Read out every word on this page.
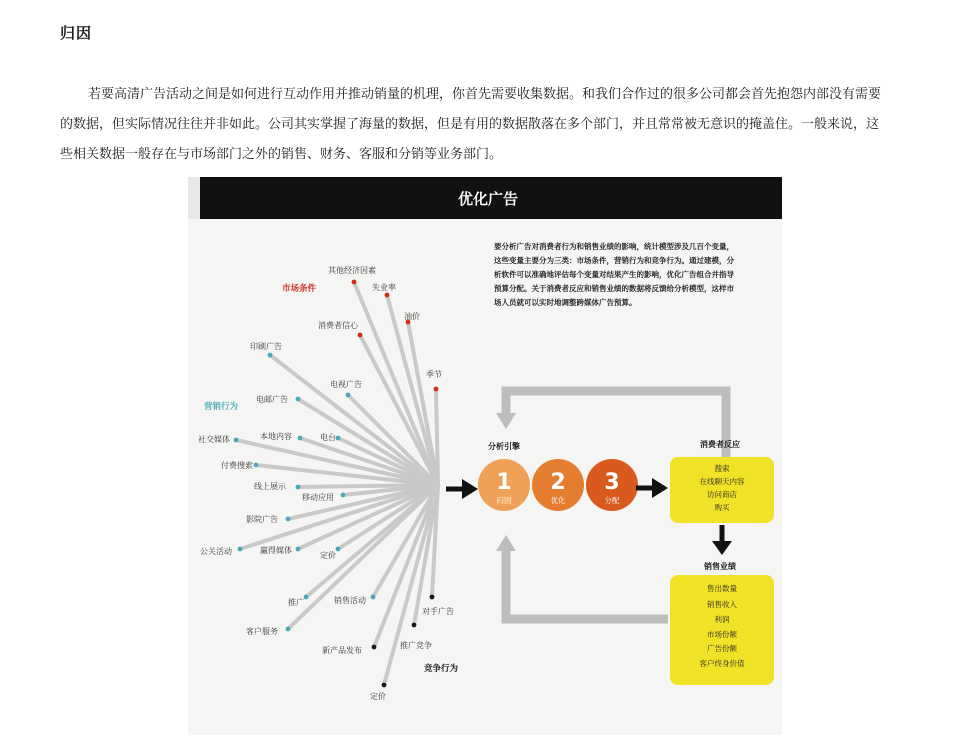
归因

若要高清广告活动之间是如何进行互动作用并推动销量的机理，你首先需要收集数据。和我们合作过的很多公司都会首先抱怨内部没有需要的数据，但实际情况往往并非如此。公司其实掌握了海量的数据，但是有用的数据散落在多个部门，并且常常被无意识的掩盖住。一般来说，这些相关数据一般存在与市场部门之外的销售、财务、客服和分销等业务部门。

优化广告
要分析广告对消费者行为和销售业绩的影响，统计模型涉及几百个变量，
这些变量主要分为三类：市场条件，营销行为和竞争行为。通过建模，分
析软件可以准确地评估每个变量对结果产生的影响，优化广告组合并指导
预算分配。关于消费者反应和销售业绩的数据将反馈给分析模型，这样市
场人员就可以实时地调整跨媒体广告预算。
其他经济因素
失业率
油价
消费者信心
季节
印刷广告
电视广告
电邮广告
本地内容	电台
社交媒体
付费搜索
线上展示
移动应用
影院广告
公关活动	赢得媒体
定价
推广	销售活动
客户服务
对手广告
推广竞争
新产品发布
定价
市场条件
营销行为
竞争行为
分析引擎
1
归因
2
优化
3
分配
消费者反应
搜索
在线聊天内容
访问商店
购买
销售业绩
售出数量
销售收入
利润
市场份额
广告份额
客户终身价值
